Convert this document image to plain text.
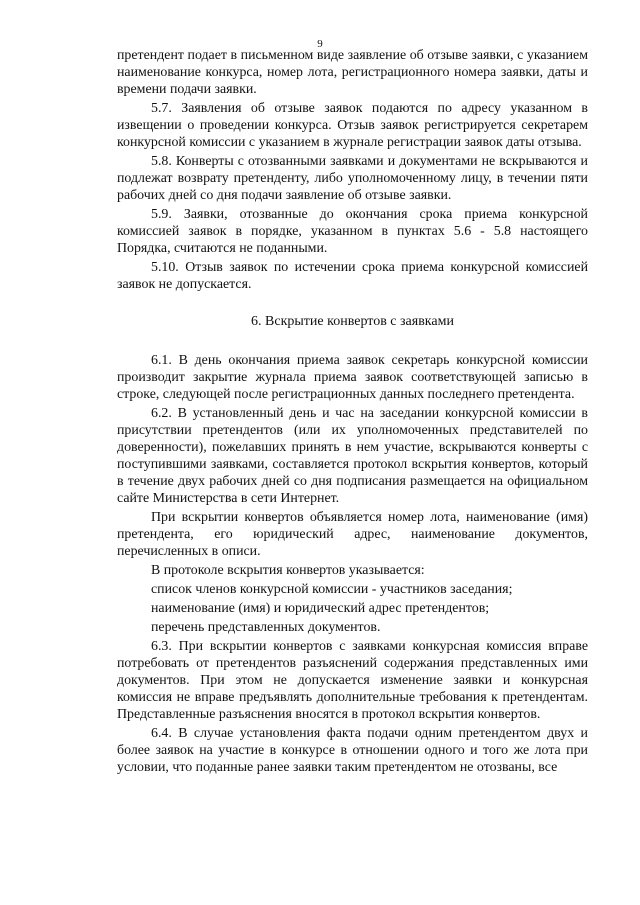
9

претендент подает в письменном виде заявление об отзыве заявки, с указанием наименование конкурса, номер лота, регистрационного номера заявки, даты и времени подачи заявки.

5.7. Заявления об отзыве заявок подаются по адресу указанном в извещении о проведении конкурса. Отзыв заявок регистрируется секретарем конкурсной комиссии с указанием в журнале регистрации заявок даты отзыва.

5.8. Конверты с отозванными заявками и документами не вскрываются и подлежат возврату претенденту, либо уполномоченному лицу, в течении пяти рабочих дней со дня подачи заявление об отзыве заявки.

5.9. Заявки, отозванные до окончания срока приема конкурсной комиссией заявок в порядке, указанном в пунктах 5.6 - 5.8 настоящего Порядка, считаются не поданными.

5.10. Отзыв заявок по истечении срока приема конкурсной комиссией заявок не допускается.

6. Вскрытие конвертов с заявками

6.1. В день окончания приема заявок секретарь конкурсной комиссии производит закрытие журнала приема заявок соответствующей записью в строке, следующей после регистрационных данных последнего претендента.

6.2. В установленный день и час на заседании конкурсной комиссии в присутствии претендентов (или их уполномоченных представителей по доверенности), пожелавших принять в нем участие, вскрываются конверты с поступившими заявками, составляется протокол вскрытия конвертов, который в течение двух рабочих дней со дня подписания размещается на официальном сайте Министерства в сети Интернет.

При вскрытии конвертов объявляется номер лота, наименование (имя) претендента, его юридический адрес, наименование документов, перечисленных в описи.

В протоколе вскрытия конвертов указывается:

список членов конкурсной комиссии - участников заседания;

наименование (имя) и юридический адрес претендентов;

перечень представленных документов.

6.3. При вскрытии конвертов с заявками конкурсная комиссия вправе потребовать от претендентов разъяснений содержания представленных ими документов. При этом не допускается изменение заявки и конкурсная комиссия не вправе предъявлять дополнительные требования к претендентам. Представленные разъяснения вносятся в протокол вскрытия конвертов.

6.4. В случае установления факта подачи одним претендентом двух и более заявок на участие в конкурсе в отношении одного и того же лота при условии, что поданные ранее заявки таким претендентом не отозваны, все
